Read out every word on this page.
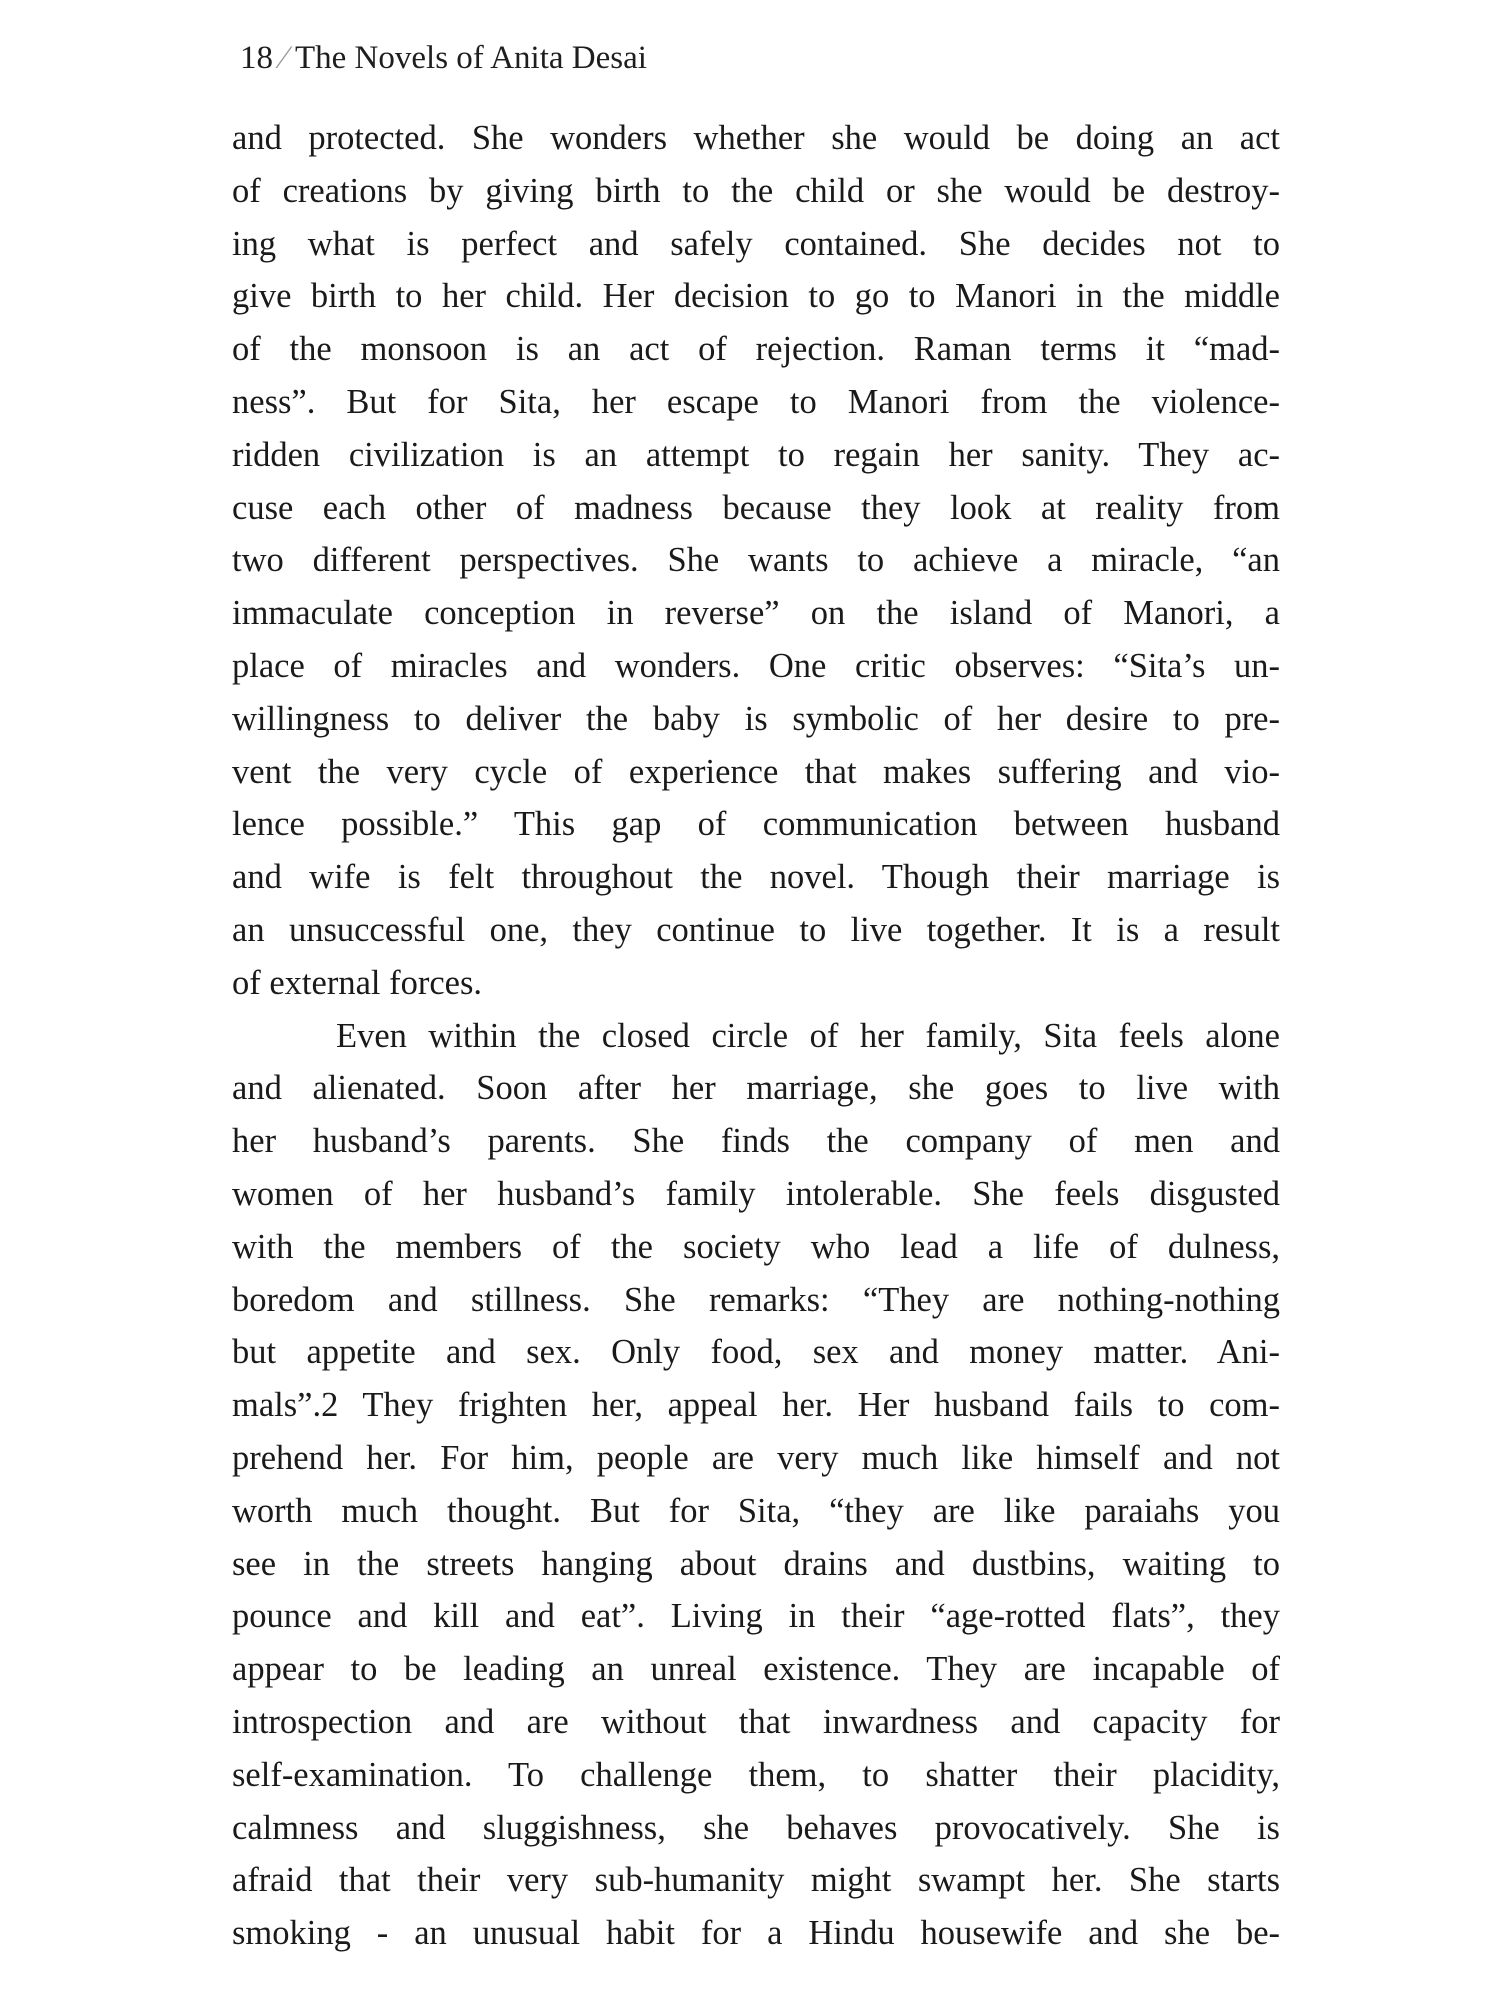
18 ∕ The Novels of Anita Desai
and protected. She wonders whether she would be doing an act
of creations by giving birth to the child or she would be destroy-
ing what is perfect and safely contained. She decides not to
give birth to her child. Her decision to go to Manori in the middle
of the monsoon is an act of rejection. Raman terms it “mad-
ness”. But for Sita, her escape to Manori from the violence-
ridden civilization is an attempt to regain her sanity. They ac-
cuse each other of madness because they look at reality from
two different perspectives. She wants to achieve a miracle, “an
immaculate conception in reverse” on the island of Manori, a
place of miracles and wonders. One critic observes: “Sita’s un-
willingness to deliver the baby is symbolic of her desire to pre-
vent the very cycle of experience that makes suffering and vio-
lence possible.” This gap of communication between husband
and wife is felt throughout the novel. Though their marriage is
an unsuccessful one, they continue to live together. It is a result
of external forces.
Even within the closed circle of her family, Sita feels alone
and alienated. Soon after her marriage, she goes to live with
her husband’s parents. She finds the company of men and
women of her husband’s family intolerable. She feels disgusted
with the members of the society who lead a life of dulness,
boredom and stillness. She remarks: “They are nothing-nothing
but appetite and sex. Only food, sex and money matter. Ani-
mals”.2 They frighten her, appeal her. Her husband fails to com-
prehend her. For him, people are very much like himself and not
worth much thought. But for Sita, “they are like paraiahs you
see in the streets hanging about drains and dustbins, waiting to
pounce and kill and eat”. Living in their “age-rotted flats”, they
appear to be leading an unreal existence. They are incapable of
introspection and are without that inwardness and capacity for
self-examination. To challenge them, to shatter their placidity,
calmness and sluggishness, she behaves provocatively. She is
afraid that their very sub-humanity might swampt her. She starts
smoking - an unusual habit for a Hindu housewife and she be-
